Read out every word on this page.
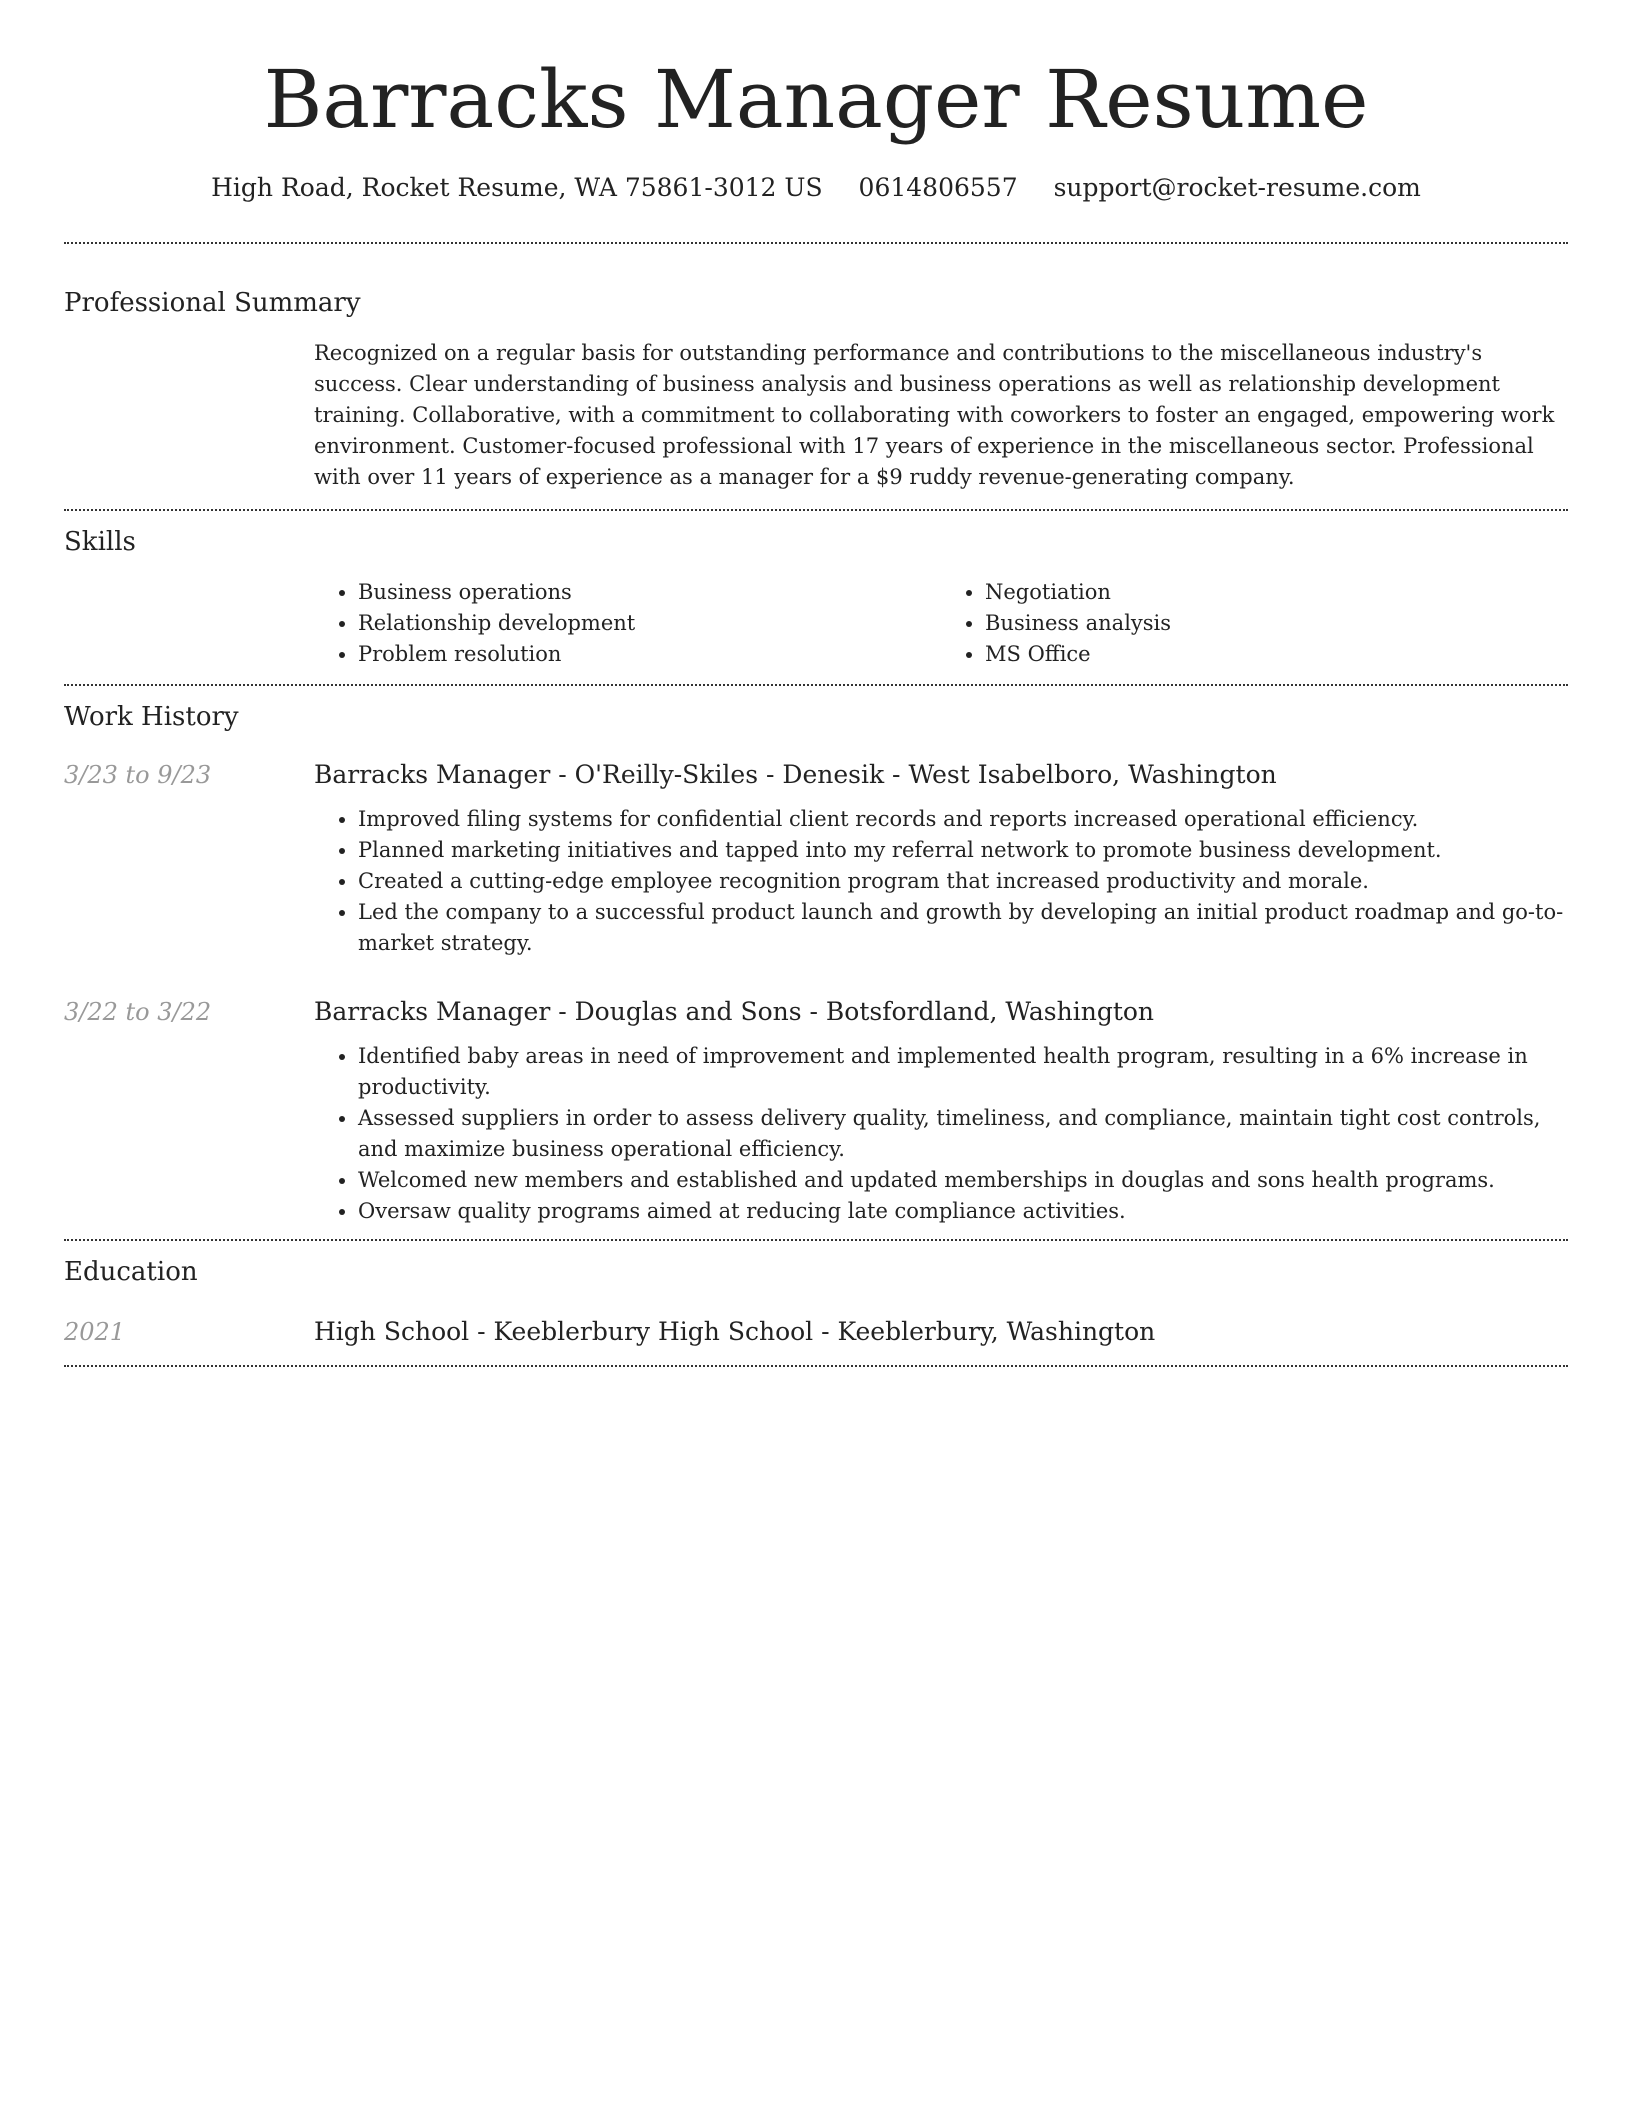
Barracks Manager Resume
High Road, Rocket Resume, WA 75861-3012 US 0614806557 support@rocket-resume.com
Professional Summary
Recognized on a regular basis for outstanding performance and contributions to the miscellaneous industry's success. Clear understanding of business analysis and business operations as well as relationship development training. Collaborative, with a commitment to collaborating with coworkers to foster an engaged, empowering work environment. Customer-focused professional with 17 years of experience in the miscellaneous sector. Professional with over 11 years of experience as a manager for a $9 ruddy revenue-generating company.
Skills
• Business operations
• Relationship development
• Problem resolution
• Negotiation
• Business analysis
• MS Office
Work History
3/23 to 9/23	Barracks Manager - O'Reilly-Skiles - Denesik - West Isabelboro, Washington
• Improved filing systems for confidential client records and reports increased operational efficiency.
• Planned marketing initiatives and tapped into my referral network to promote business development.
• Created a cutting-edge employee recognition program that increased productivity and morale.
• Led the company to a successful product launch and growth by developing an initial product roadmap and go-to-market strategy.
3/22 to 3/22	Barracks Manager - Douglas and Sons - Botsfordland, Washington
• Identified baby areas in need of improvement and implemented health program, resulting in a 6% increase in productivity.
• Assessed suppliers in order to assess delivery quality, timeliness, and compliance, maintain tight cost controls, and maximize business operational efficiency.
• Welcomed new members and established and updated memberships in douglas and sons health programs.
• Oversaw quality programs aimed at reducing late compliance activities.
Education
2021	High School - Keeblerbury High School - Keeblerbury, Washington
